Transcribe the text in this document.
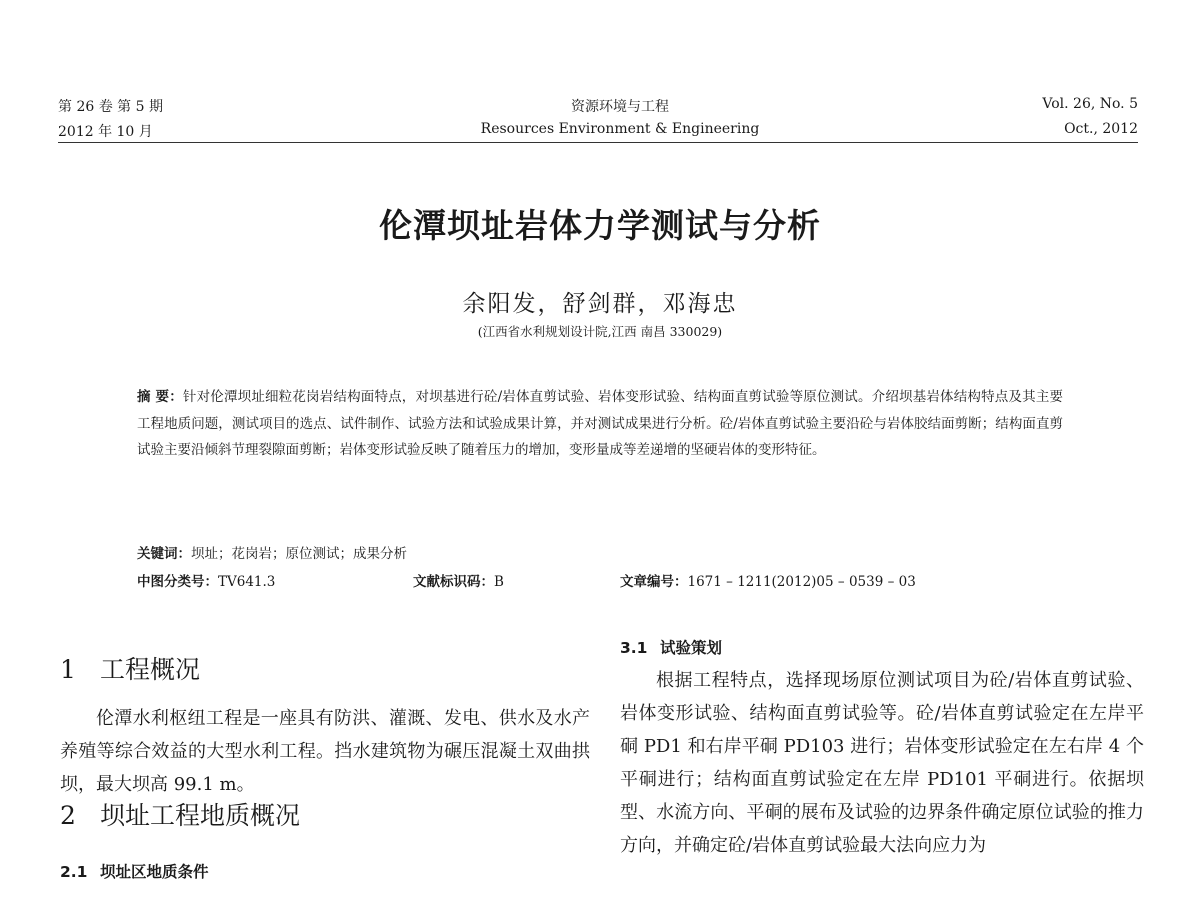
第 26 卷 第 5 期
2012 年 10 月
资源环境与工程
Resources Environment & Engineering
Vol. 26, No. 5
Oct., 2012
伦潭坝址岩体力学测试与分析
余阳发，舒剑群，邓海忠
(江西省水利规划设计院,江西 南昌 330029)
摘 要：针对伦潭坝址细粒花岗岩结构面特点，对坝基进行砼/岩体直剪试验、岩体变形试验、结构面直剪试验等原位测试。介绍坝基岩体结构特点及其主要工程地质问题，测试项目的选点、试件制作、试验方法和试验成果计算，并对测试成果进行分析。砼/岩体直剪试验主要沿砼与岩体胶结面剪断；结构面直剪试验主要沿倾斜节理裂隙面剪断；岩体变形试验反映了随着压力的增加，变形量成等差递增的坚硬岩体的变形特征。
关键词：坝址；花岗岩；原位测试；成果分析
中图分类号：TV641.3	文献标识码：B	文章编号：1671 – 1211(2012)05 – 0539 – 03
1 工程概况

伦潭水利枢纽工程是一座具有防洪、灌溉、发电、供水及水产养殖等综合效益的大型水利工程。挡水建筑物为碾压混凝土双曲拱坝，最大坝高 99.1 m。

2 坝址工程地质概况
2.1 坝址区地质条件
3.1 试验策划

根据工程特点，选择现场原位测试项目为砼/岩体直剪试验、岩体变形试验、结构面直剪试验等。砼/岩体直剪试验定在左岸平硐 PD1 和右岸平硐 PD103 进行；岩体变形试验定在左右岸 4 个平硐进行；结构面直剪试验定在左岸 PD101 平硐进行。依据坝型、水流方向、平硐的展布及试验的边界条件确定原位试验的推力方向，并确定砼/岩体直剪试验最大法向应力为
